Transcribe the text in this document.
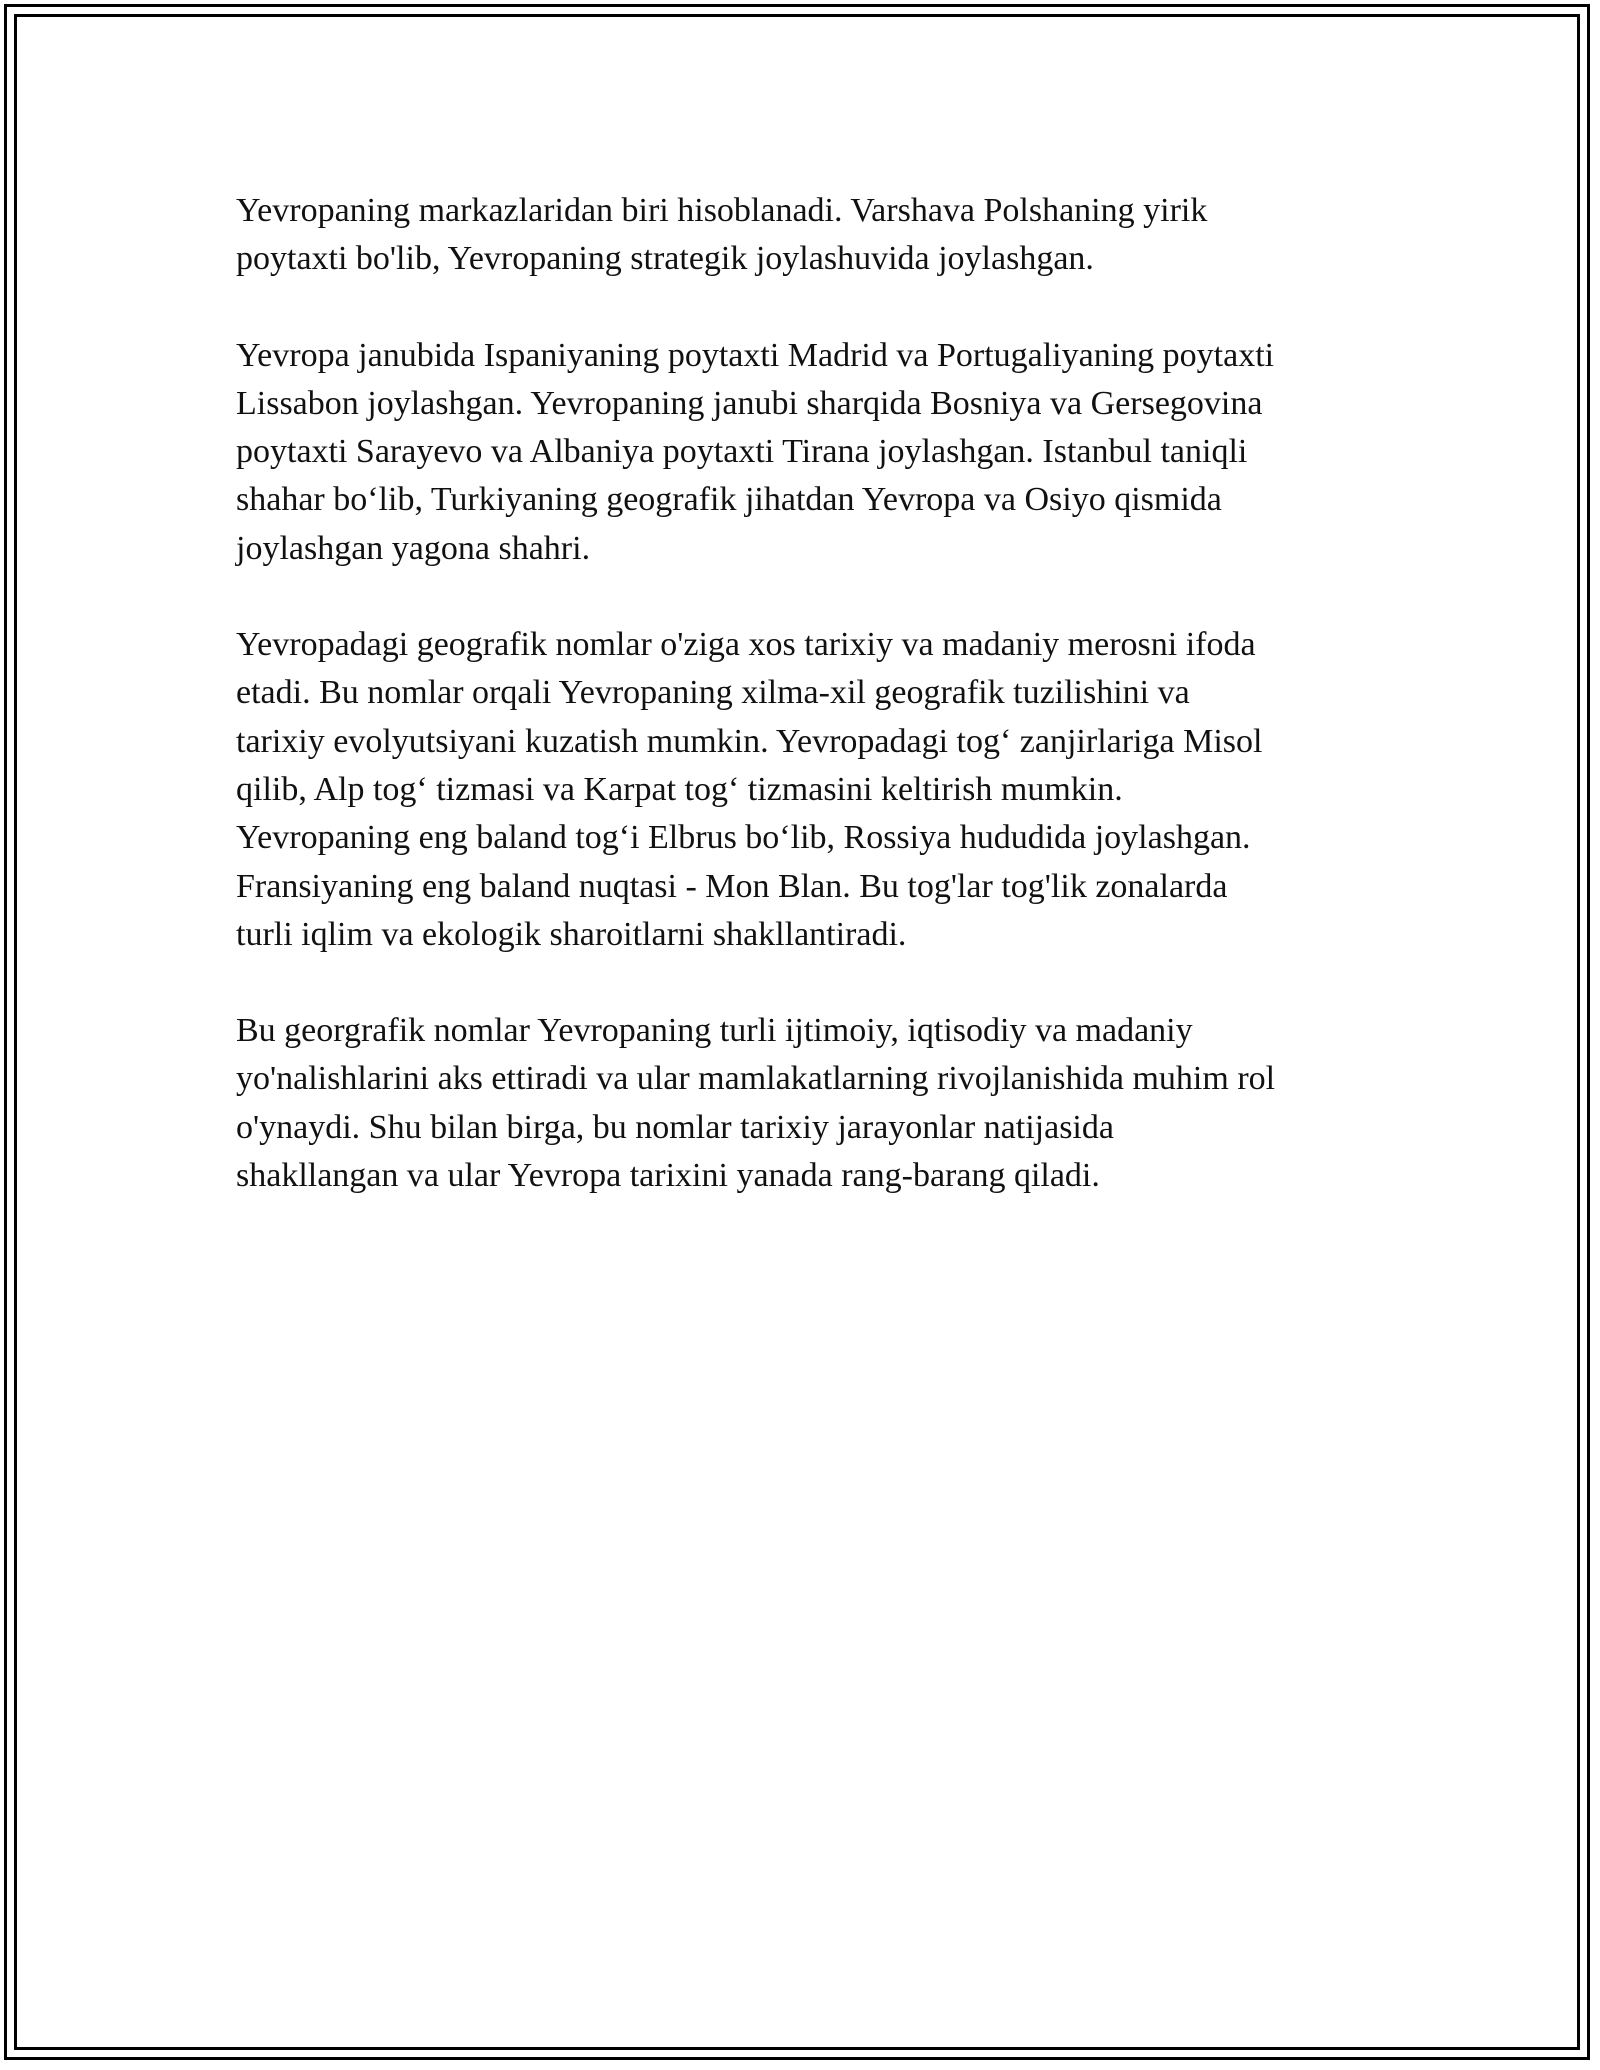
Yevropaning markazlaridan biri hisoblanadi. Varshava Polshaning yirik
poytaxti bo'lib, Yevropaning strategik joylashuvida joylashgan.

Yevropa janubida Ispaniyaning poytaxti Madrid va Portugaliyaning poytaxti
Lissabon joylashgan. Yevropaning janubi sharqida Bosniya va Gersegovina
poytaxti Sarayevo va Albaniya poytaxti Tirana joylashgan. Istanbul taniqli
shahar bo‘lib, Turkiyaning geografik jihatdan Yevropa va Osiyo qismida
joylashgan yagona shahri.

Yevropadagi geografik nomlar o'ziga xos tarixiy va madaniy merosni ifoda
etadi. Bu nomlar orqali Yevropaning xilma-xil geografik tuzilishini va
tarixiy evolyutsiyani kuzatish mumkin. Yevropadagi tog‘ zanjirlariga Misol
qilib, Alp tog‘ tizmasi va Karpat tog‘ tizmasini keltirish mumkin.
Yevropaning eng baland tog‘i Elbrus bo‘lib, Rossiya hududida joylashgan.
Fransiyaning eng baland nuqtasi - Mon Blan. Bu tog'lar tog'lik zonalarda
turli iqlim va ekologik sharoitlarni shakllantiradi.

Bu georgrafik nomlar Yevropaning turli ijtimoiy, iqtisodiy va madaniy
yo'nalishlarini aks ettiradi va ular mamlakatlarning rivojlanishida muhim rol
o'ynaydi. Shu bilan birga, bu nomlar tarixiy jarayonlar natijasida
shakllangan va ular Yevropa tarixini yanada rang-barang qiladi.
